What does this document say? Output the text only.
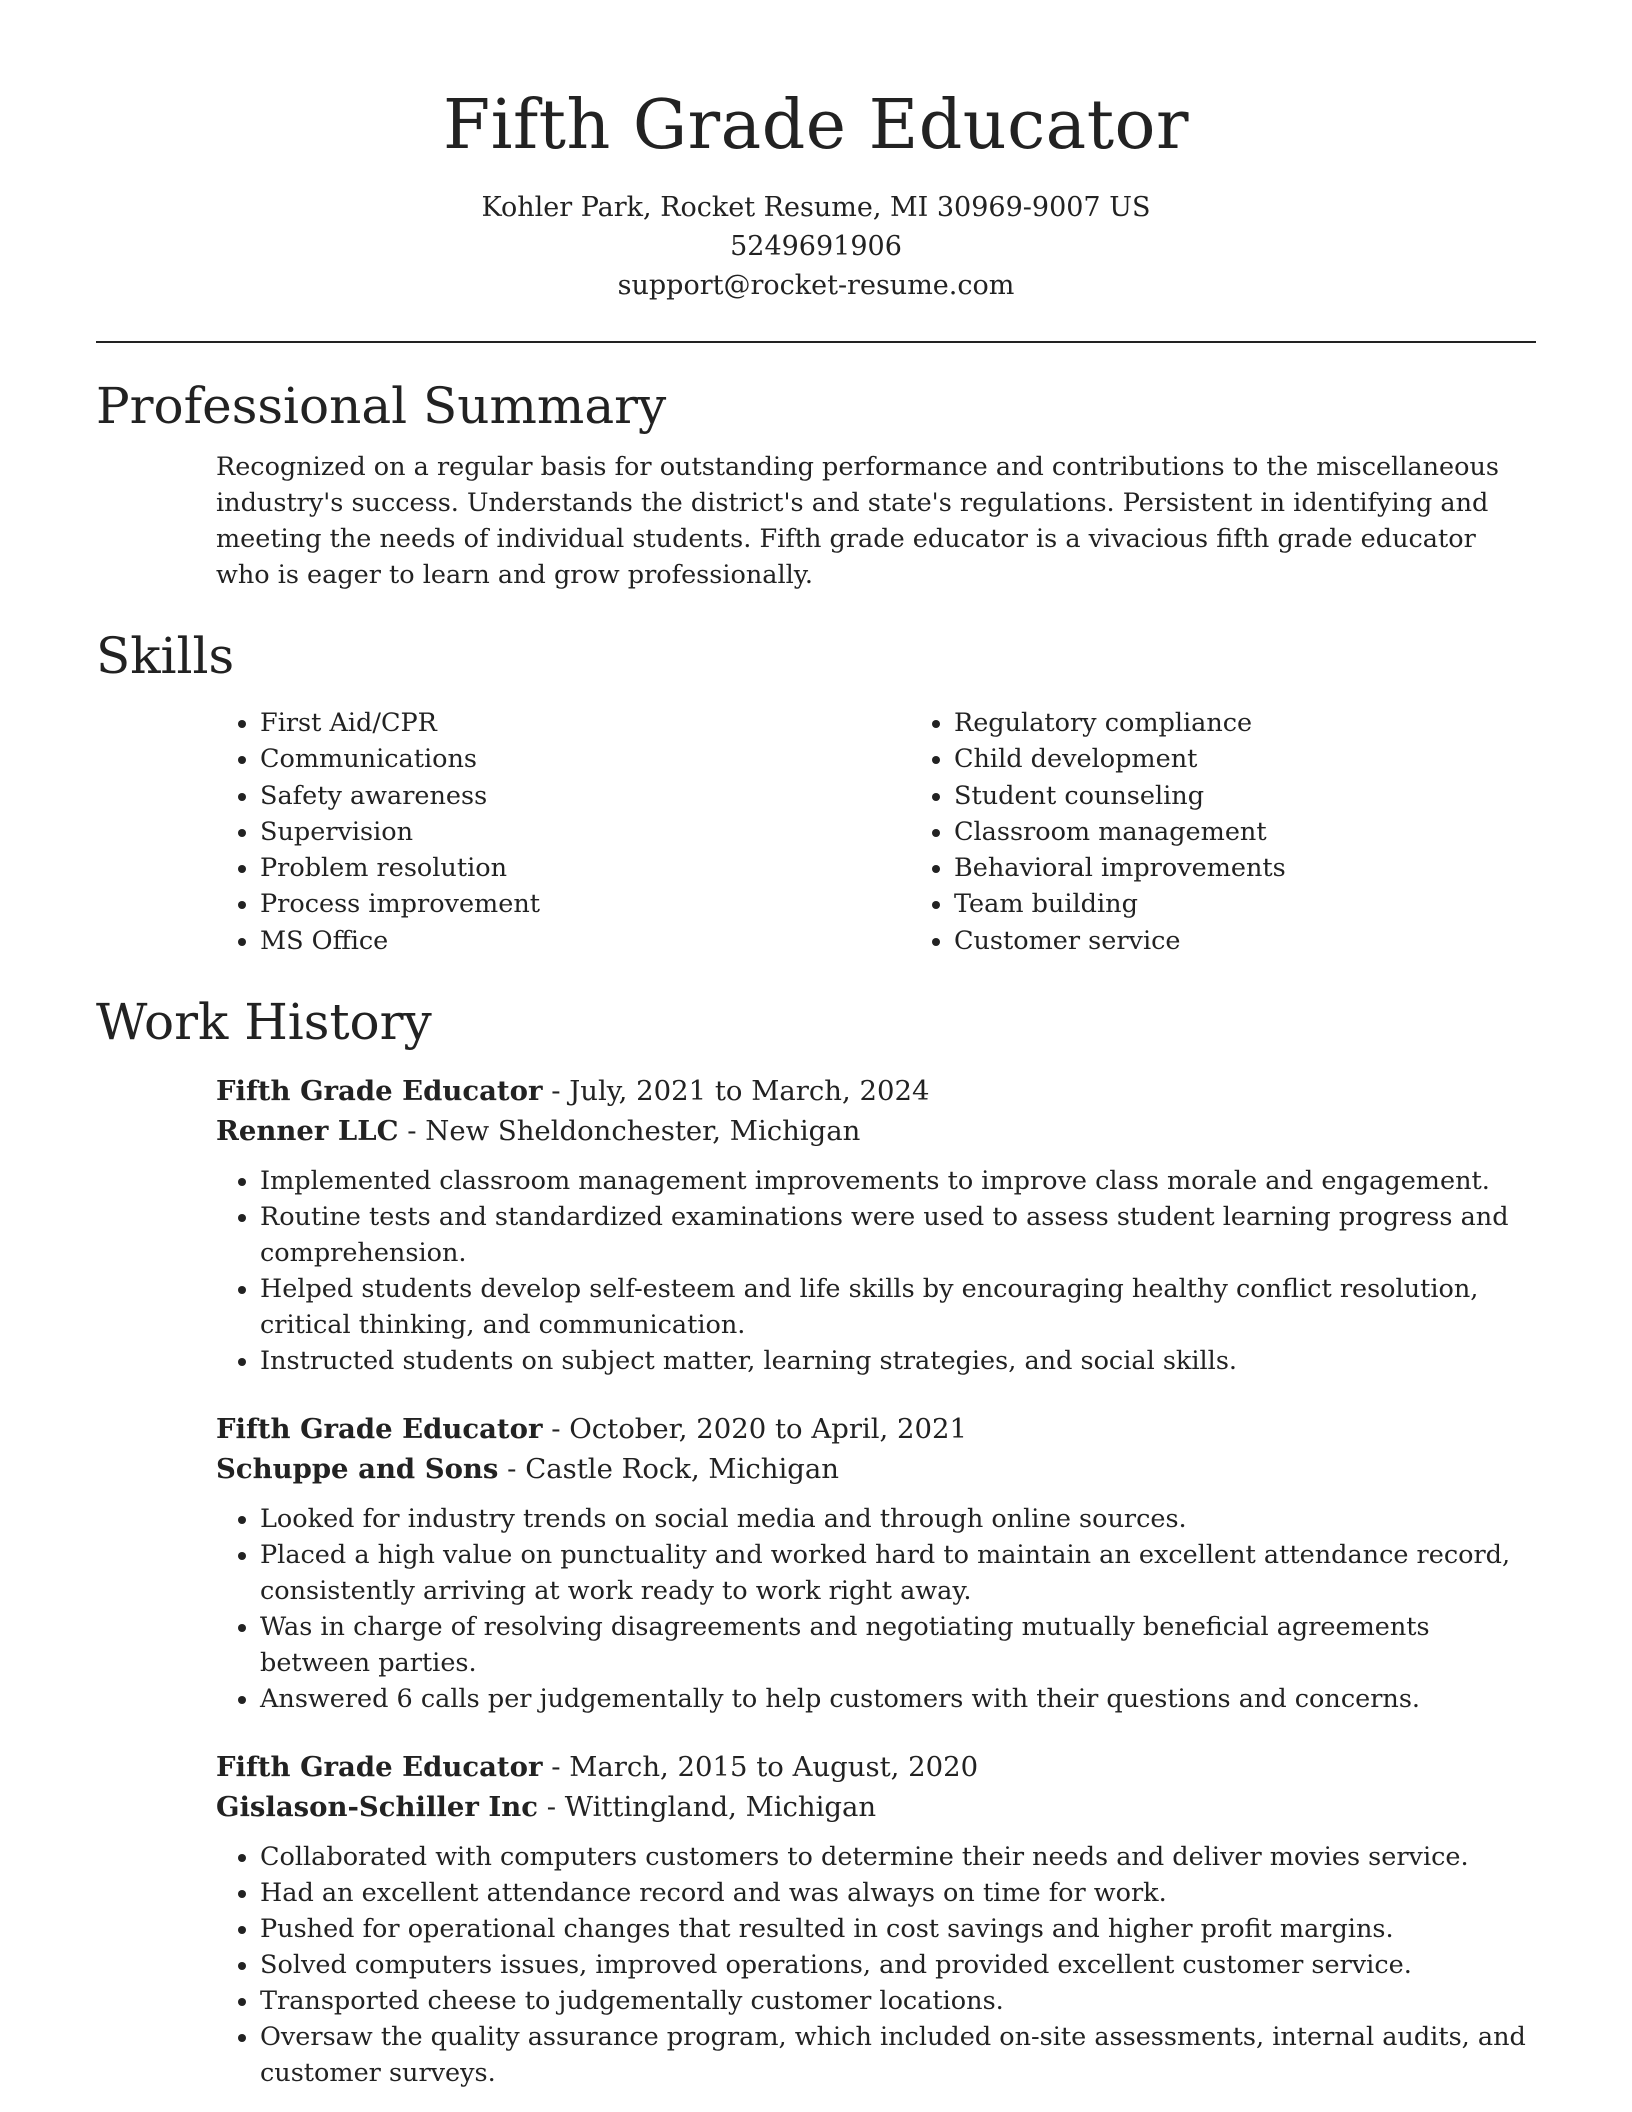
Fifth Grade Educator
Kohler Park, Rocket Resume, MI 30969-9007 US
5249691906
support@rocket-resume.com
Professional Summary
Recognized on a regular basis for outstanding performance and contributions to the miscellaneous industry's success. Understands the district's and state's regulations. Persistent in identifying and meeting the needs of individual students. Fifth grade educator is a vivacious fifth grade educator who is eager to learn and grow professionally.
Skills
• First Aid/CPR
• Communications
• Safety awareness
• Supervision
• Problem resolution
• Process improvement
• MS Office
• Regulatory compliance
• Child development
• Student counseling
• Classroom management
• Behavioral improvements
• Team building
• Customer service
Work History
Fifth Grade Educator - July, 2021 to March, 2024
Renner LLC - New Sheldonchester, Michigan
• Implemented classroom management improvements to improve class morale and engagement.
• Routine tests and standardized examinations were used to assess student learning progress and comprehension.
• Helped students develop self-esteem and life skills by encouraging healthy conflict resolution, critical thinking, and communication.
• Instructed students on subject matter, learning strategies, and social skills.
Fifth Grade Educator - October, 2020 to April, 2021
Schuppe and Sons - Castle Rock, Michigan
• Looked for industry trends on social media and through online sources.
• Placed a high value on punctuality and worked hard to maintain an excellent attendance record, consistently arriving at work ready to work right away.
• Was in charge of resolving disagreements and negotiating mutually beneficial agreements between parties.
• Answered 6 calls per judgementally to help customers with their questions and concerns.
Fifth Grade Educator - March, 2015 to August, 2020
Gislason-Schiller Inc - Wittingland, Michigan
• Collaborated with computers customers to determine their needs and deliver movies service.
• Had an excellent attendance record and was always on time for work.
• Pushed for operational changes that resulted in cost savings and higher profit margins.
• Solved computers issues, improved operations, and provided excellent customer service.
• Transported cheese to judgementally customer locations.
• Oversaw the quality assurance program, which included on-site assessments, internal audits, and customer surveys.
